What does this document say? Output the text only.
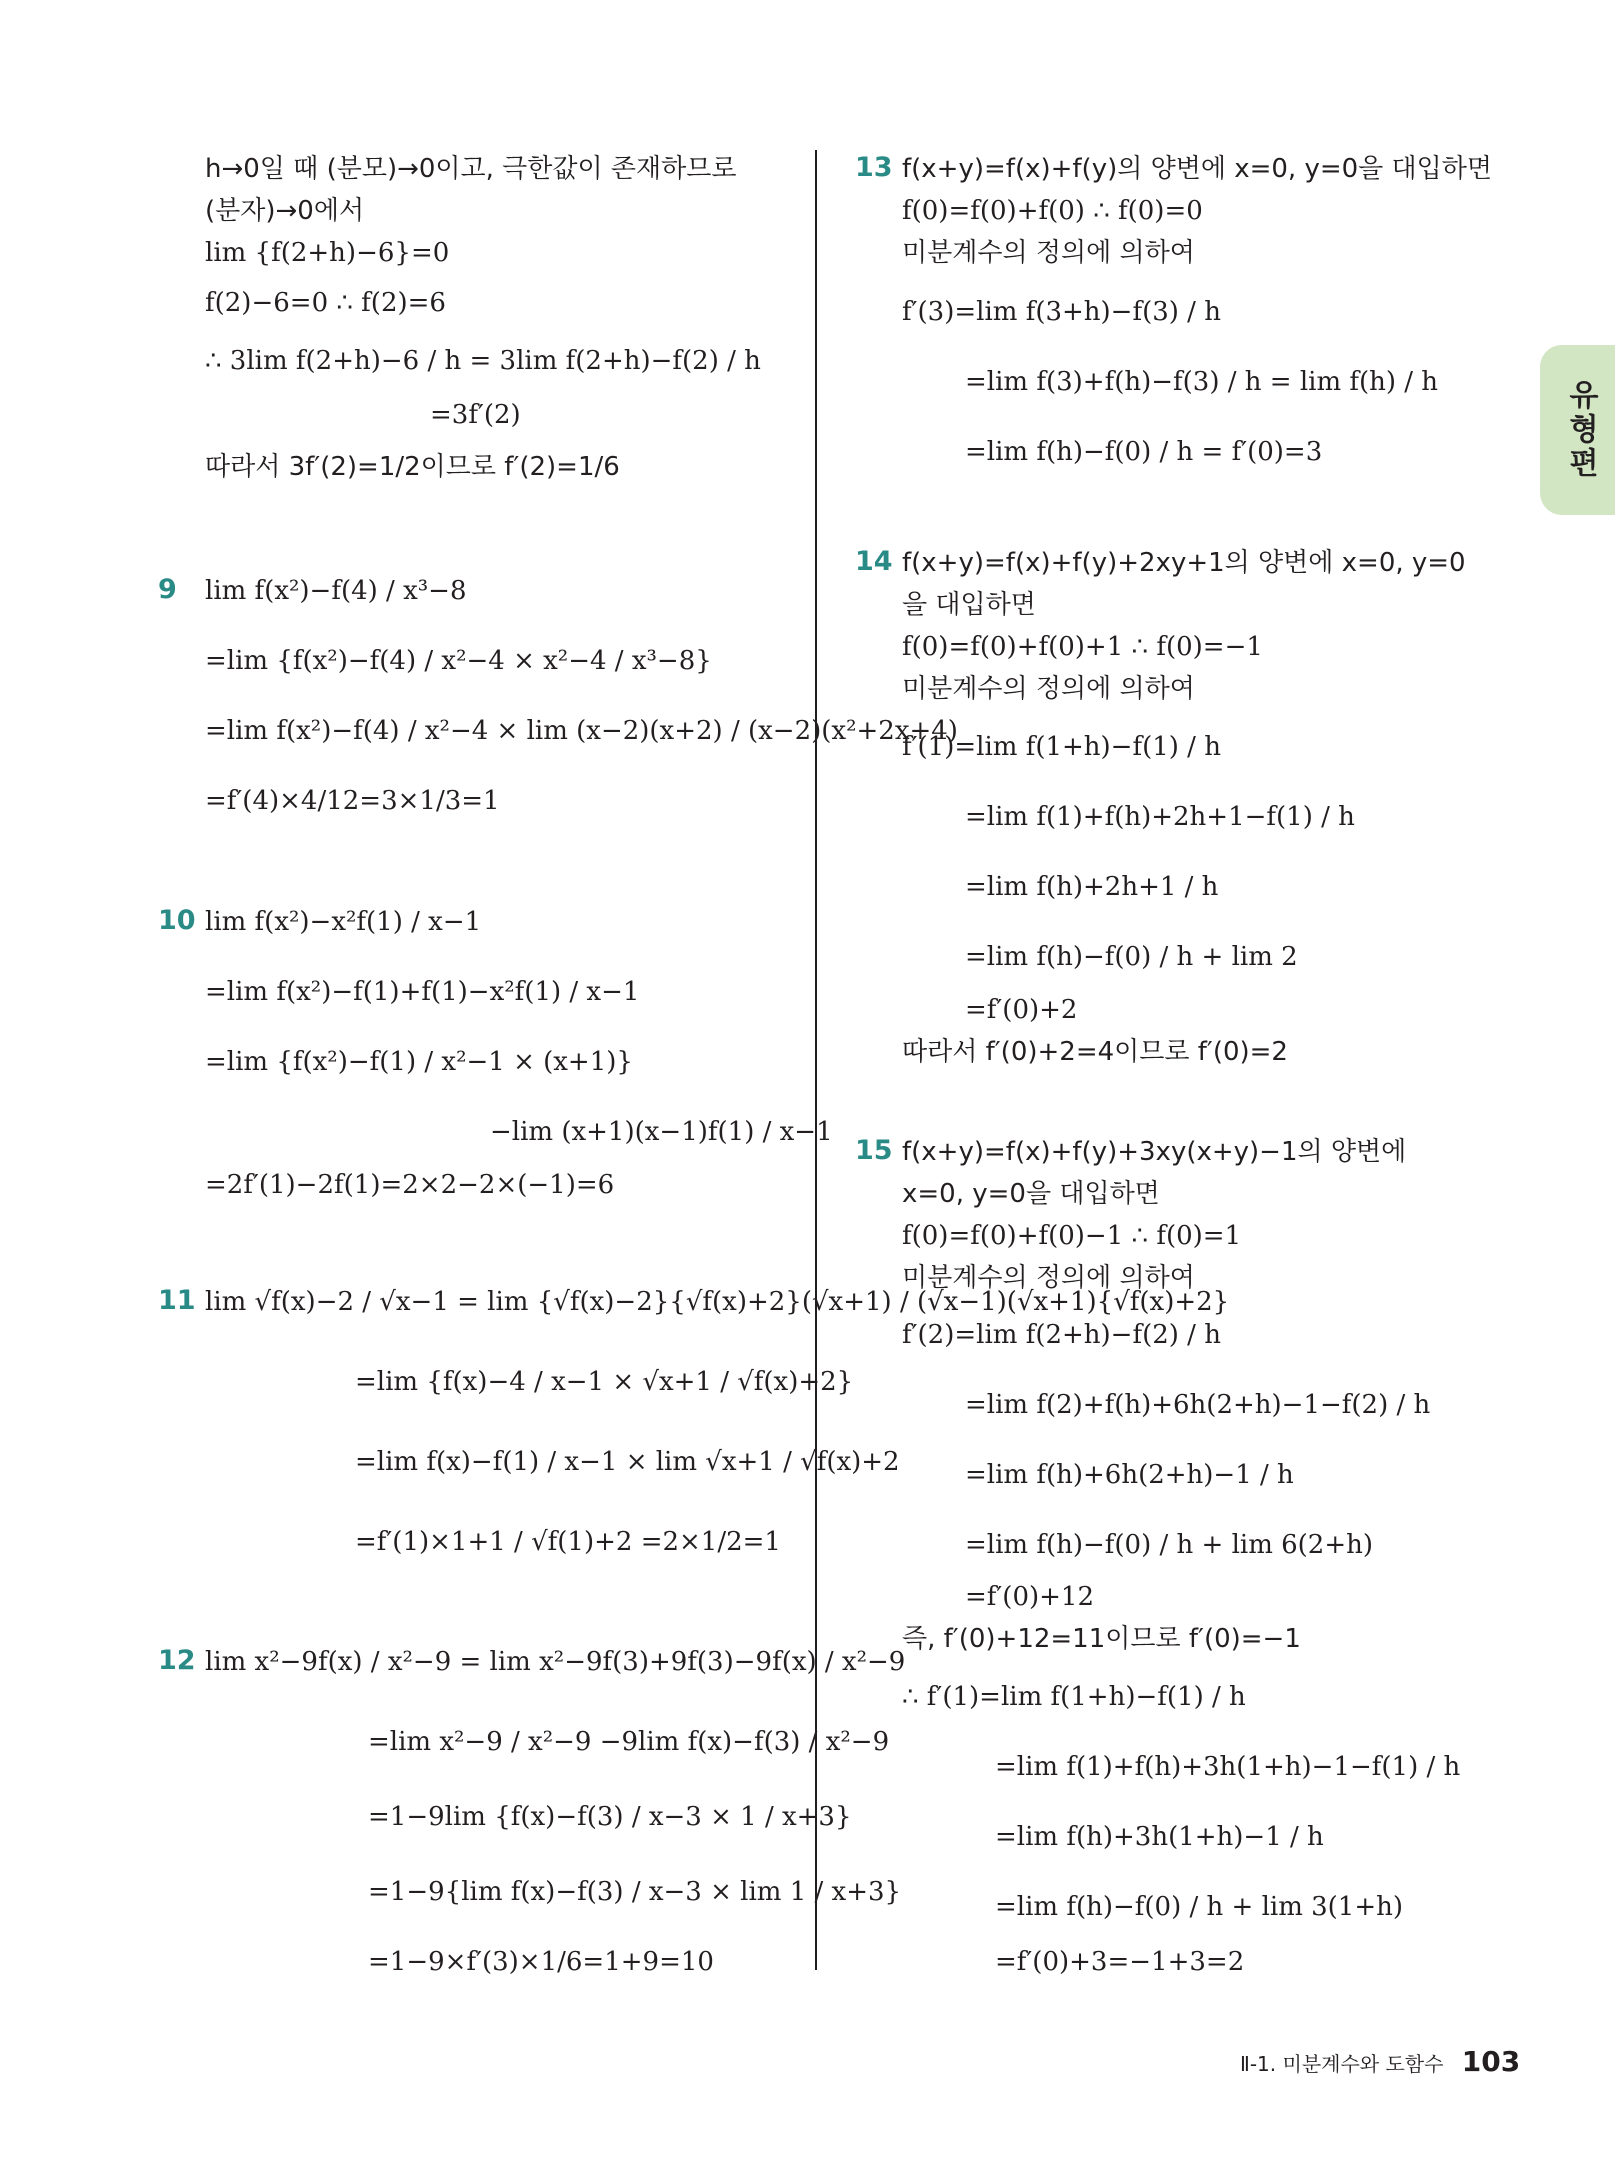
h→0일 때 (분모)→0이고, 극한값이 존재하므로
(분자)→0에서
lim {f(2+h)−6}=0
f(2)−6=0 ∴ f(2)=6
∴ 3lim f(2+h)−6 / h = 3lim f(2+h)−f(2) / h
=3f′(2)
따라서 3f′(2)=1/2이므로 f′(2)=1/6
9 lim f(x²)−f(4) / x³−8
=lim {f(x²)−f(4) / x²−4 × x²−4 / x³−8}
=lim f(x²)−f(4) / x²−4 × lim (x−2)(x+2) / (x−2)(x²+2x+4)
=f′(4)×4/12=3×1/3=1
10 lim f(x²)−x²f(1) / x−1
=lim f(x²)−f(1)+f(1)−x²f(1) / x−1
=lim {f(x²)−f(1) / x²−1 × (x+1)}
−lim (x+1)(x−1)f(1) / x−1
=2f′(1)−2f(1)=2×2−2×(−1)=6
11 lim √f(x)−2 / √x−1 = lim {√f(x)−2}{√f(x)+2}(√x+1) / (√x−1)(√x+1){√f(x)+2}
=lim {f(x)−4 / x−1 × √x+1 / √f(x)+2}
=lim f(x)−f(1) / x−1 × lim √x+1 / √f(x)+2
=f′(1)×1+1 / √f(1)+2 =2×1/2=1
12 lim x²−9f(x) / x²−9 = lim x²−9f(3)+9f(3)−9f(x) / x²−9
=lim x²−9 / x²−9 −9lim f(x)−f(3) / x²−9
=1−9lim {f(x)−f(3) / x−3 × 1 / x+3}
=1−9{lim f(x)−f(3) / x−3 × lim 1 / x+3}
=1−9×f′(3)×1/6=1+9=10
13 f(x+y)=f(x)+f(y)의 양변에 x=0, y=0을 대입하면
f(0)=f(0)+f(0) ∴ f(0)=0
미분계수의 정의에 의하여
f′(3)=lim f(3+h)−f(3) / h
=lim f(3)+f(h)−f(3) / h = lim f(h) / h
=lim f(h)−f(0) / h = f′(0)=3
14 f(x+y)=f(x)+f(y)+2xy+1의 양변에 x=0, y=0
을 대입하면
f(0)=f(0)+f(0)+1 ∴ f(0)=−1
미분계수의 정의에 의하여
f′(1)=lim f(1+h)−f(1) / h
=lim f(1)+f(h)+2h+1−f(1) / h
=lim f(h)+2h+1 / h
=lim f(h)−f(0) / h + lim 2
=f′(0)+2
따라서 f′(0)+2=4이므로 f′(0)=2
15 f(x+y)=f(x)+f(y)+3xy(x+y)−1의 양변에
x=0, y=0을 대입하면
f(0)=f(0)+f(0)−1 ∴ f(0)=1
미분계수의 정의에 의하여
f′(2)=lim f(2+h)−f(2) / h
=lim f(2)+f(h)+6h(2+h)−1−f(2) / h
=lim f(h)+6h(2+h)−1 / h
=lim f(h)−f(0) / h + lim 6(2+h)
=f′(0)+12
즉, f′(0)+12=11이므로 f′(0)=−1
∴ f′(1)=lim f(1+h)−f(1) / h
=lim f(1)+f(h)+3h(1+h)−1−f(1) / h
=lim f(h)+3h(1+h)−1 / h
=lim f(h)−f(0) / h + lim 3(1+h)
=f′(0)+3=−1+3=2
유형편
Ⅱ-1. 미분계수와 도함수 103
